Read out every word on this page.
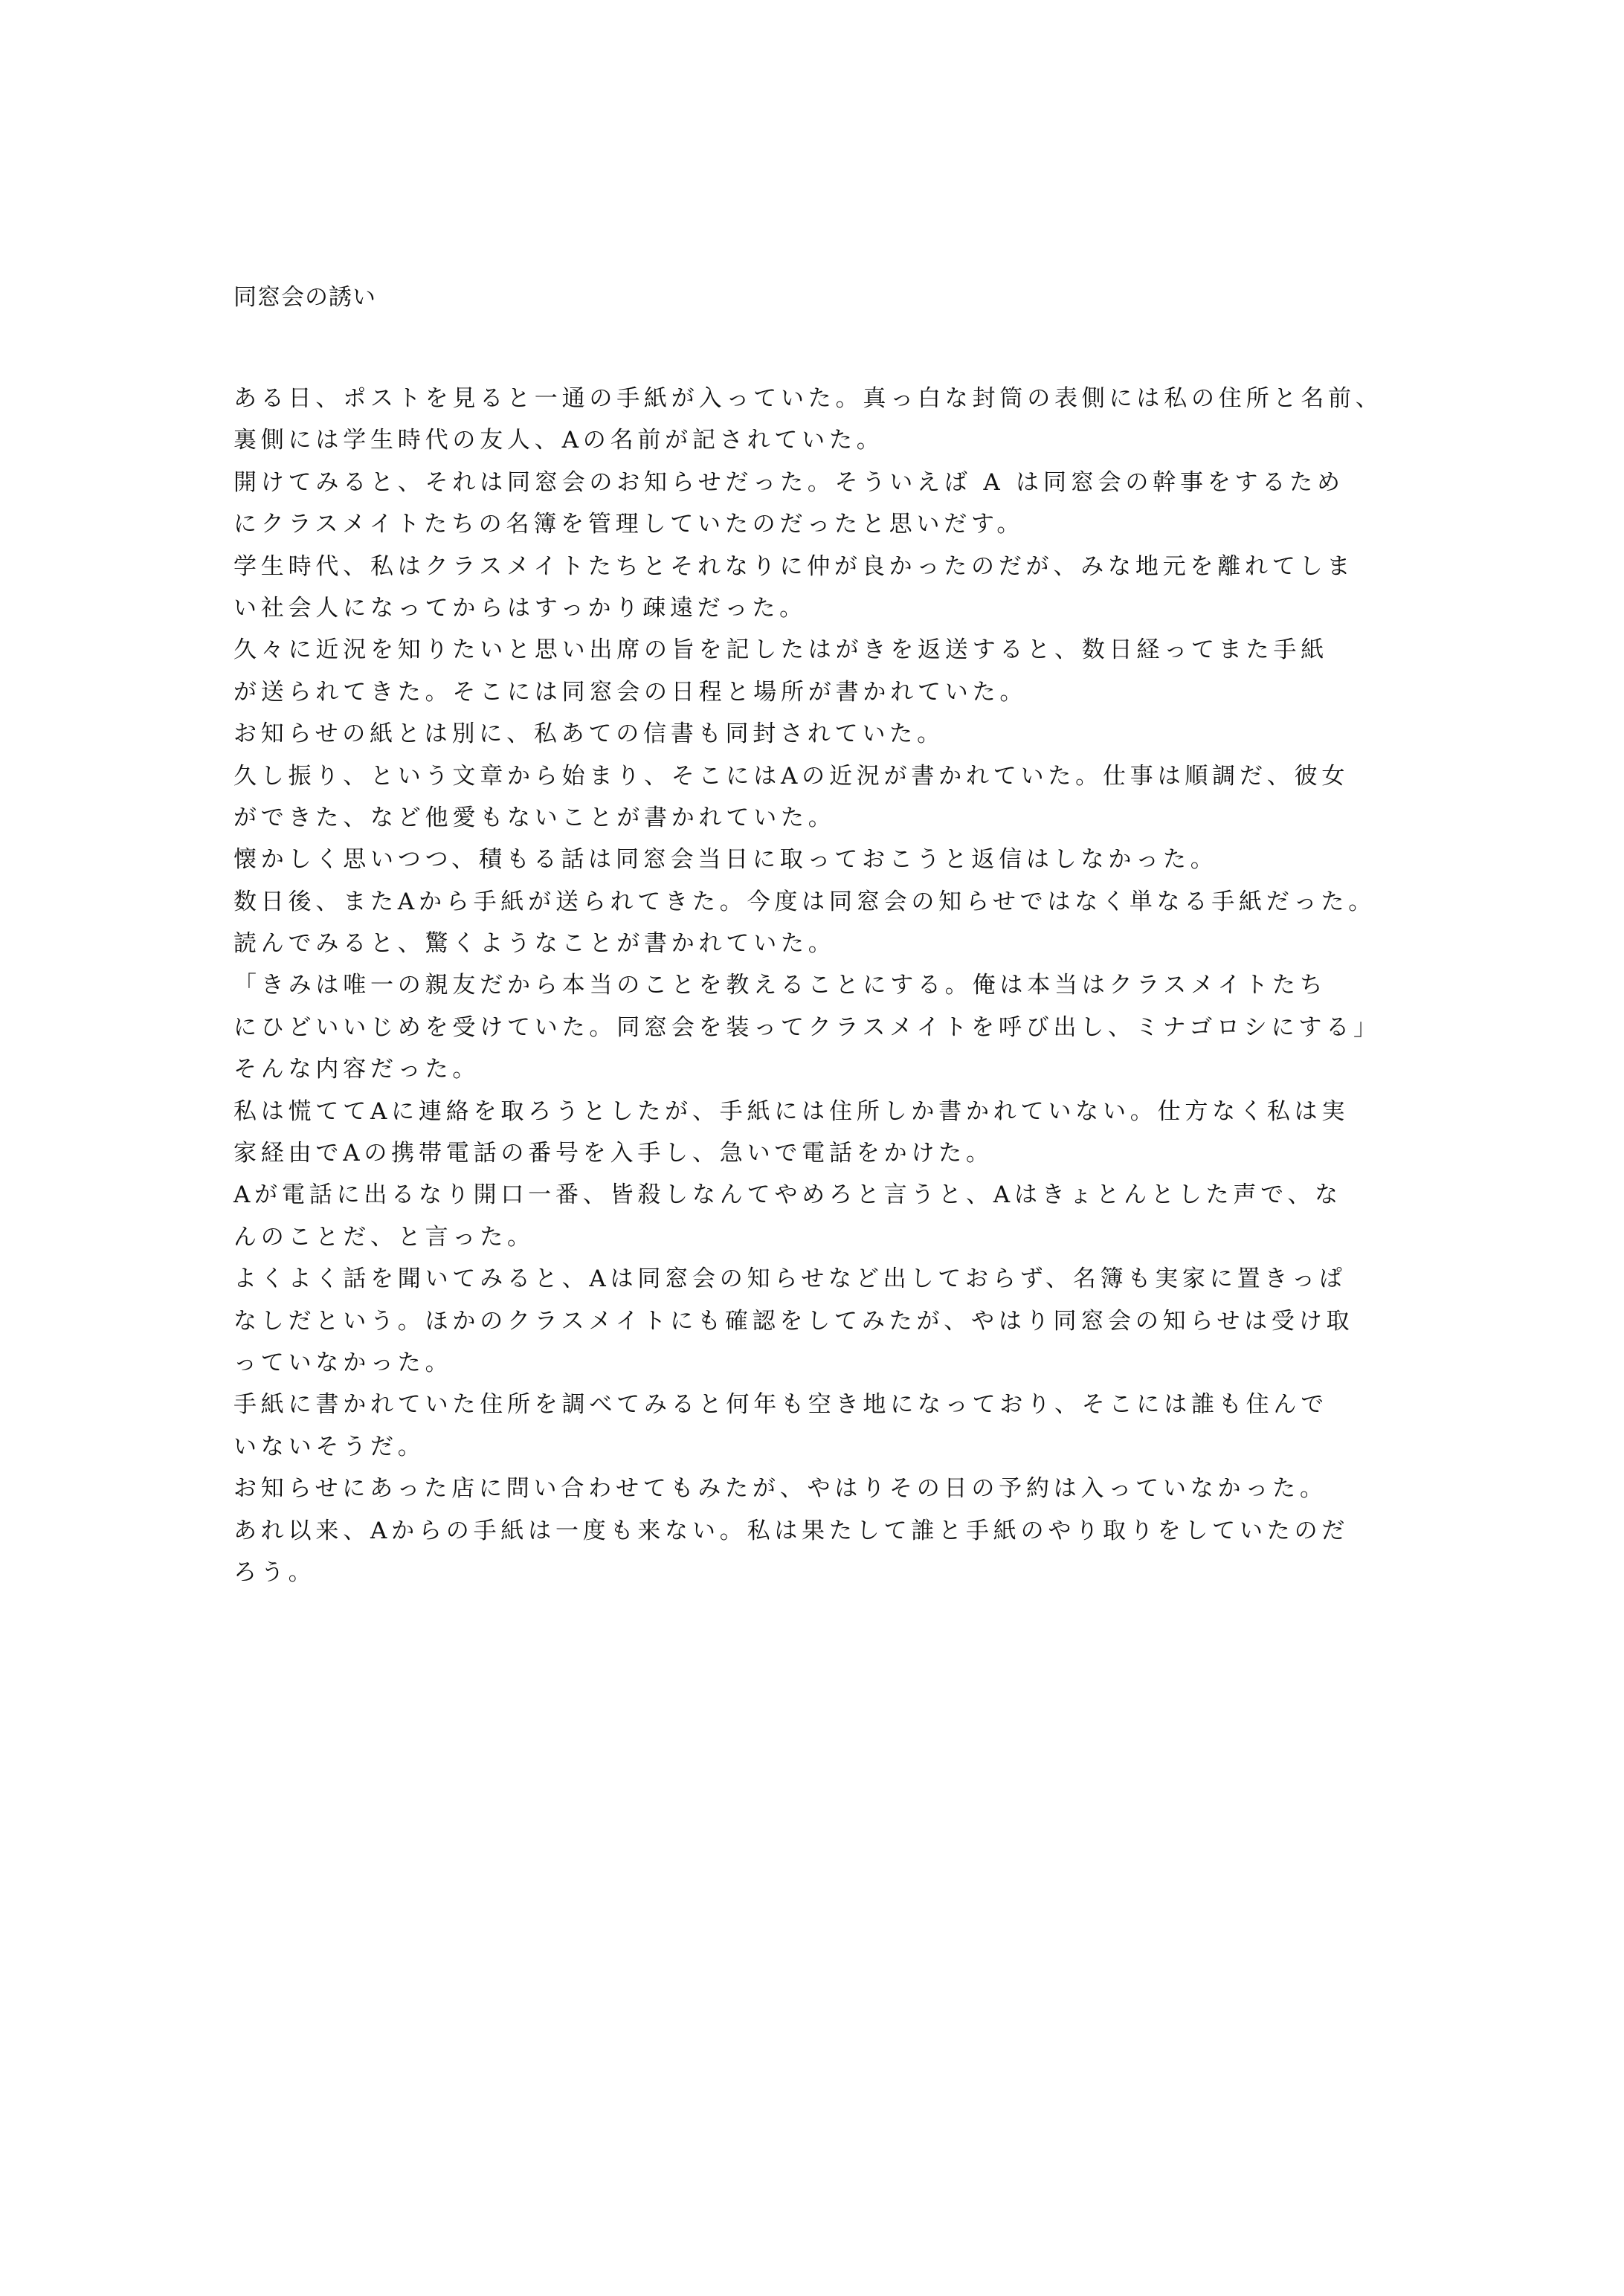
同窓会の誘い
ある日、ポストを見ると一通の手紙が入っていた。真っ白な封筒の表側には私の住所と名前、
裏側には学生時代の友人、Aの名前が記されていた。
開けてみると、それは同窓会のお知らせだった。そういえば A は同窓会の幹事をするため
にクラスメイトたちの名簿を管理していたのだったと思いだす。
学生時代、私はクラスメイトたちとそれなりに仲が良かったのだが、みな地元を離れてしま
い社会人になってからはすっかり疎遠だった。
久々に近況を知りたいと思い出席の旨を記したはがきを返送すると、数日経ってまた手紙
が送られてきた。そこには同窓会の日程と場所が書かれていた。
お知らせの紙とは別に、私あての信書も同封されていた。
久し振り、という文章から始まり、そこにはAの近況が書かれていた。仕事は順調だ、彼女
ができた、など他愛もないことが書かれていた。
懐かしく思いつつ、積もる話は同窓会当日に取っておこうと返信はしなかった。
数日後、またAから手紙が送られてきた。今度は同窓会の知らせではなく単なる手紙だった。
読んでみると、驚くようなことが書かれていた。
「きみは唯一の親友だから本当のことを教えることにする。俺は本当はクラスメイトたち
にひどいいじめを受けていた。同窓会を装ってクラスメイトを呼び出し、ミナゴロシにする」
そんな内容だった。
私は慌ててAに連絡を取ろうとしたが、手紙には住所しか書かれていない。仕方なく私は実
家経由でAの携帯電話の番号を入手し、急いで電話をかけた。
Aが電話に出るなり開口一番、皆殺しなんてやめろと言うと、Aはきょとんとした声で、な
んのことだ、と言った。
よくよく話を聞いてみると、Aは同窓会の知らせなど出しておらず、名簿も実家に置きっぱ
なしだという。ほかのクラスメイトにも確認をしてみたが、やはり同窓会の知らせは受け取
っていなかった。
手紙に書かれていた住所を調べてみると何年も空き地になっており、そこには誰も住んで
いないそうだ。
お知らせにあった店に問い合わせてもみたが、やはりその日の予約は入っていなかった。
あれ以来、Aからの手紙は一度も来ない。私は果たして誰と手紙のやり取りをしていたのだ
ろう。
